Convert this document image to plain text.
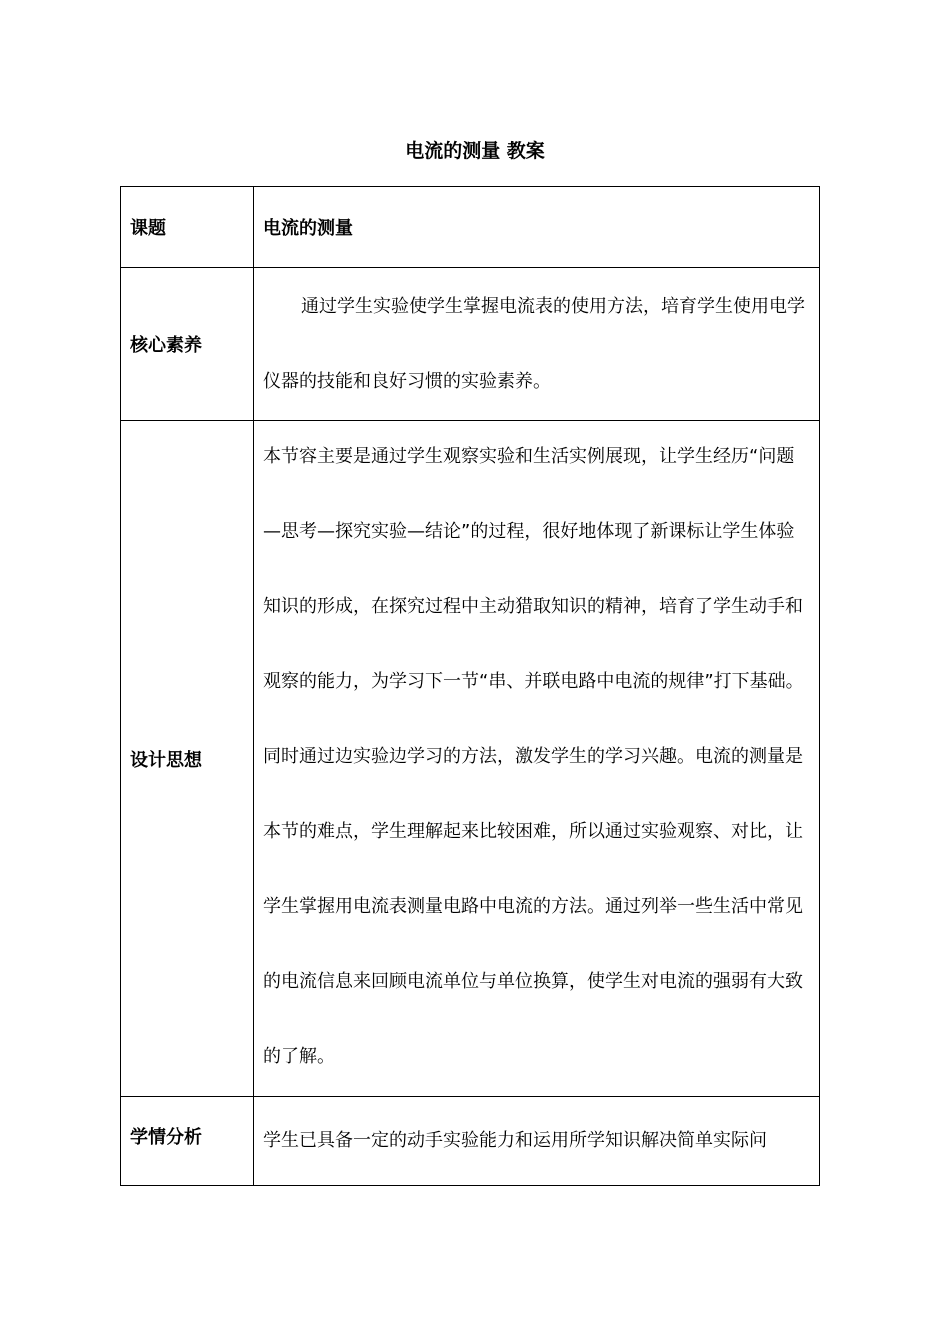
电流的测量 教案
课题	电流的测量
核心素养	通过学生实验使学生掌握电流表的使用方法，培育学生使用电学仪器的技能和良好习惯的实验素养。

设计思想	本节容主要是通过学生观察实验和生活实例展现，让学生经历“问题—思考—探究实验—结论”的过程，很好地体现了新课标让学生体验知识的形成，在探究过程中主动猎取知识的精神，培育了学生动手和观察的能力，为学习下一节“串、并联电路中电流的规律”打下基础。同时通过边实验边学习的方法，激发学生的学习兴趣。电流的测量是本节的难点，学生理解起来比较困难，所以通过实验观察、对比，让学生掌握用电流表测量电路中电流的方法。通过列举一些生活中常见的电流信息来回顾电流单位与单位换算，使学生对电流的强弱有大致的了解。

学情分析	学生已具备一定的动手实验能力和运用所学知识解决简单实际问
